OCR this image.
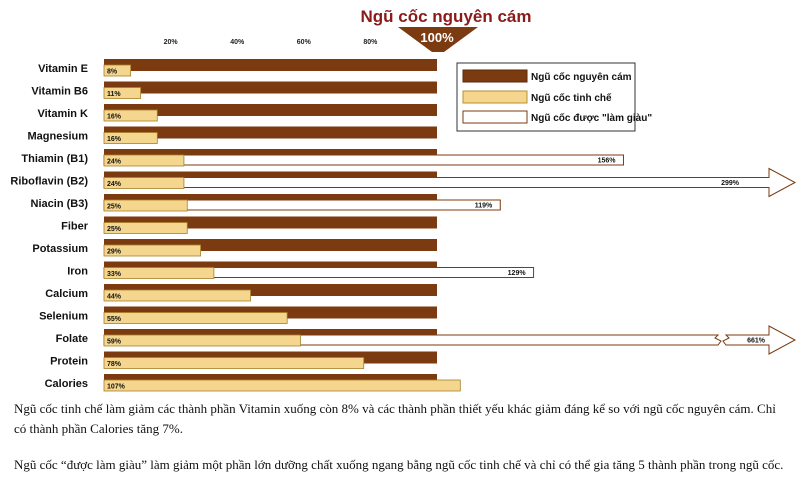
Ngũ cốc nguyên cám
100%
20%	40%	60%	80%
Vitamin E	8%
Vitamin B6	11%
Vitamin K	16%
Magnesium	16%
Thiamin (B1)	156%
24%
Riboflavin (B2)	299%
24%
Niacin (B3)	119%
25%
Fiber	25%
Potassium	29%
Iron	129%
33%
Calcium	44%
Selenium	55%
Folate	661%
59%
Protein	78%
Calories	107%
Ngũ cốc nguyên cám
Ngũ cốc tinh chế
Ngũ cốc được "làm giàu"

Ngũ cốc tinh chế làm giảm các thành phần Vitamin xuống còn 8% và các thành phần thiết yếu khác giảm đáng kể so với ngũ cốc nguyên cám. Chỉ có thành phần Calories tăng 7%.

Ngũ cốc “được làm giàu” làm giảm một phần lớn dưỡng chất xuống ngang bằng ngũ cốc tinh chế và chỉ có thể gia tăng 5 thành phần trong ngũ cốc.
